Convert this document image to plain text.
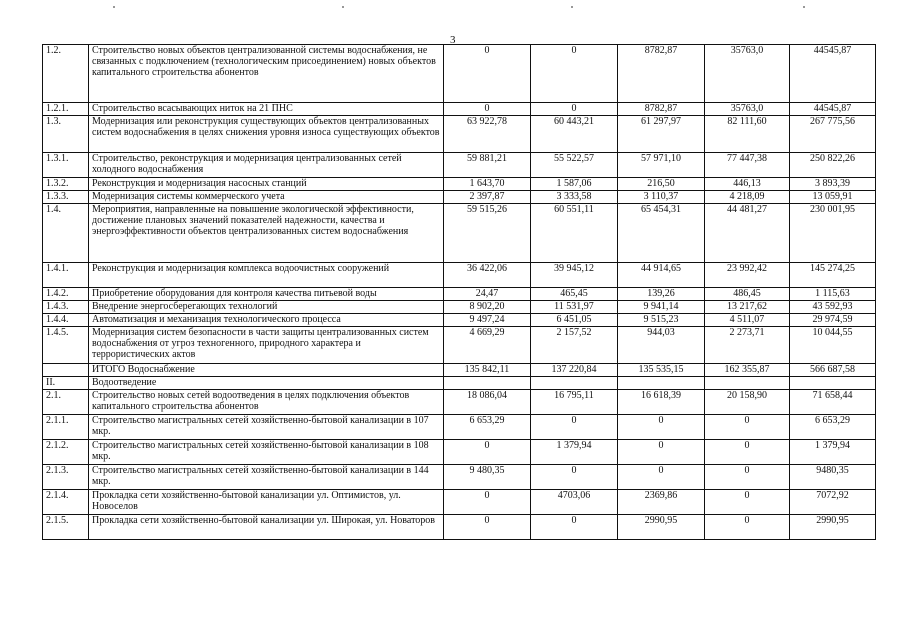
3
1.2.	Строительство новых объектов централизованной системы водоснабжения, не связанных с подключением (технологическим присоединением) новых объектов капитального строительства абонентов	0	0	8782,87	35763,0	44545,87
1.2.1.	Строительство всасывающих ниток на 21 ПНС	0	0	8782,87	35763,0	44545,87
1.3.	Модернизация или реконструкция существующих объектов централизованных систем водоснабжения в целях снижения уровня износа существующих объектов	63 922,78	60 443,21	61 297,97	82 111,60	267 775,56
1.3.1.	Строительство, реконструкция и модернизация централизованных сетей холодного водоснабжения	59 881,21	55 522,57	57 971,10	77 447,38	250 822,26
1.3.2.	Реконструкция и модернизация насосных станций	1 643,70	1 587,06	216,50	446,13	3 893,39
1.3.3.	Модернизация системы коммерческого учета	2 397,87	3 333,58	3 110,37	4 218,09	13 059,91
1.4.	Мероприятия, направленные на повышение экологической эффективности, достижение плановых значений показателей надежности, качества и энергоэффективности объектов централизованных систем водоснабжения	59 515,26	60 551,11	65 454,31	44 481,27	230 001,95
1.4.1.	Реконструкция и модернизация комплекса водоочистных сооружений	36 422,06	39 945,12	44 914,65	23 992,42	145 274,25
1.4.2.	Приобретение оборудования для контроля качества питьевой воды	24,47	465,45	139,26	486,45	1 115,63
1.4.3.	Внедрение энергосберегающих технологий	8 902,20	11 531,97	9 941,14	13 217,62	43 592,93
1.4.4.	Автоматизация и механизация технологического процесса	9 497,24	6 451,05	9 515,23	4 511,07	29 974,59
1.4.5.	Модернизация систем безопасности в части защиты централизованных систем водоснабжения от угроз техногенного, природного характера и террористических актов	4 669,29	2 157,52	944,03	2 273,71	10 044,55
	ИТОГО Водоснабжение	135 842,11	137 220,84	135 535,15	162 355,87	566 687,58
II.	Водоотведение					
2.1.	Строительство новых сетей водоотведения в целях подключения объектов капитального строительства абонентов	18 086,04	16 795,11	16 618,39	20 158,90	71 658,44
2.1.1.	Строительство магистральных сетей хозяйственно-бытовой канализации в 107 мкр.	6 653,29	0	0	0	6 653,29
2.1.2.	Строительство магистральных сетей хозяйственно-бытовой канализации в 108 мкр.	0	1 379,94	0	0	1 379,94
2.1.3.	Строительство магистральных сетей хозяйственно-бытовой канализации в 144 мкр.	9 480,35	0	0	0	9480,35
2.1.4.	Прокладка сети хозяйственно-бытовой канализации ул. Оптимистов, ул. Новоселов	0	4703,06	2369,86	0	7072,92
2.1.5.	Прокладка сети хозяйственно-бытовой канализации ул. Широкая, ул. Новаторов	0	0	2990,95	0	2990,95
